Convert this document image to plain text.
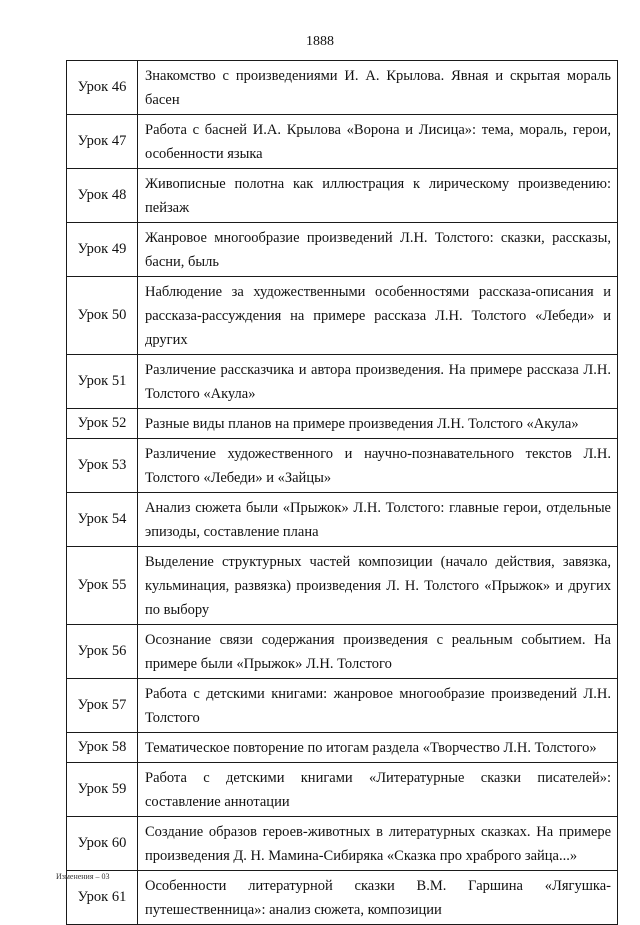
1888
Урок 46	Знакомство с произведениями И. А. Крылова. Явная и скрытая мораль басен
Урок 47	Работа с басней И.А. Крылова «Ворона и Лисица»: тема, мораль, герои, особенности языка
Урок 48	Живописные полотна как иллюстрация к лирическому произведению: пейзаж
Урок 49	Жанровое многообразие произведений Л.Н. Толстого: сказки, рассказы, басни, быль
Урок 50	Наблюдение за художественными особенностями рассказа-описания и рассказа-рассуждения на примере рассказа Л.Н. Толстого «Лебеди» и других
Урок 51	Различение рассказчика и автора произведения. На примере рассказа Л.Н. Толстого «Акула»
Урок 52	Разные виды планов на примере произведения Л.Н. Толстого «Акула»
Урок 53	Различение художественного и научно-познавательного текстов Л.Н. Толстого «Лебеди» и «Зайцы»
Урок 54	Анализ сюжета были «Прыжок» Л.Н. Толстого: главные герои, отдельные эпизоды, составление плана
Урок 55	Выделение структурных частей композиции (начало действия, завязка, кульминация, развязка) произведения Л. Н. Толстого «Прыжок» и других по выбору
Урок 56	Осознание связи содержания произведения с реальным событием. На примере были «Прыжок» Л.Н. Толстого
Урок 57	Работа с детскими книгами: жанровое многообразие произведений Л.Н. Толстого
Урок 58	Тематическое повторение по итогам раздела «Творчество Л.Н. Толстого»
Урок 59	Работа с детскими книгами «Литературные сказки писателей»: составление аннотации
Урок 60	Создание образов героев-животных в литературных сказках. На примере произведения Д. Н. Мамина-Сибиряка «Сказка про храброго зайца...»
Урок 61	Особенности литературной сказки В.М. Гаршина «Лягушка-путешественница»: анализ сюжета, композиции
Изменения – 03
